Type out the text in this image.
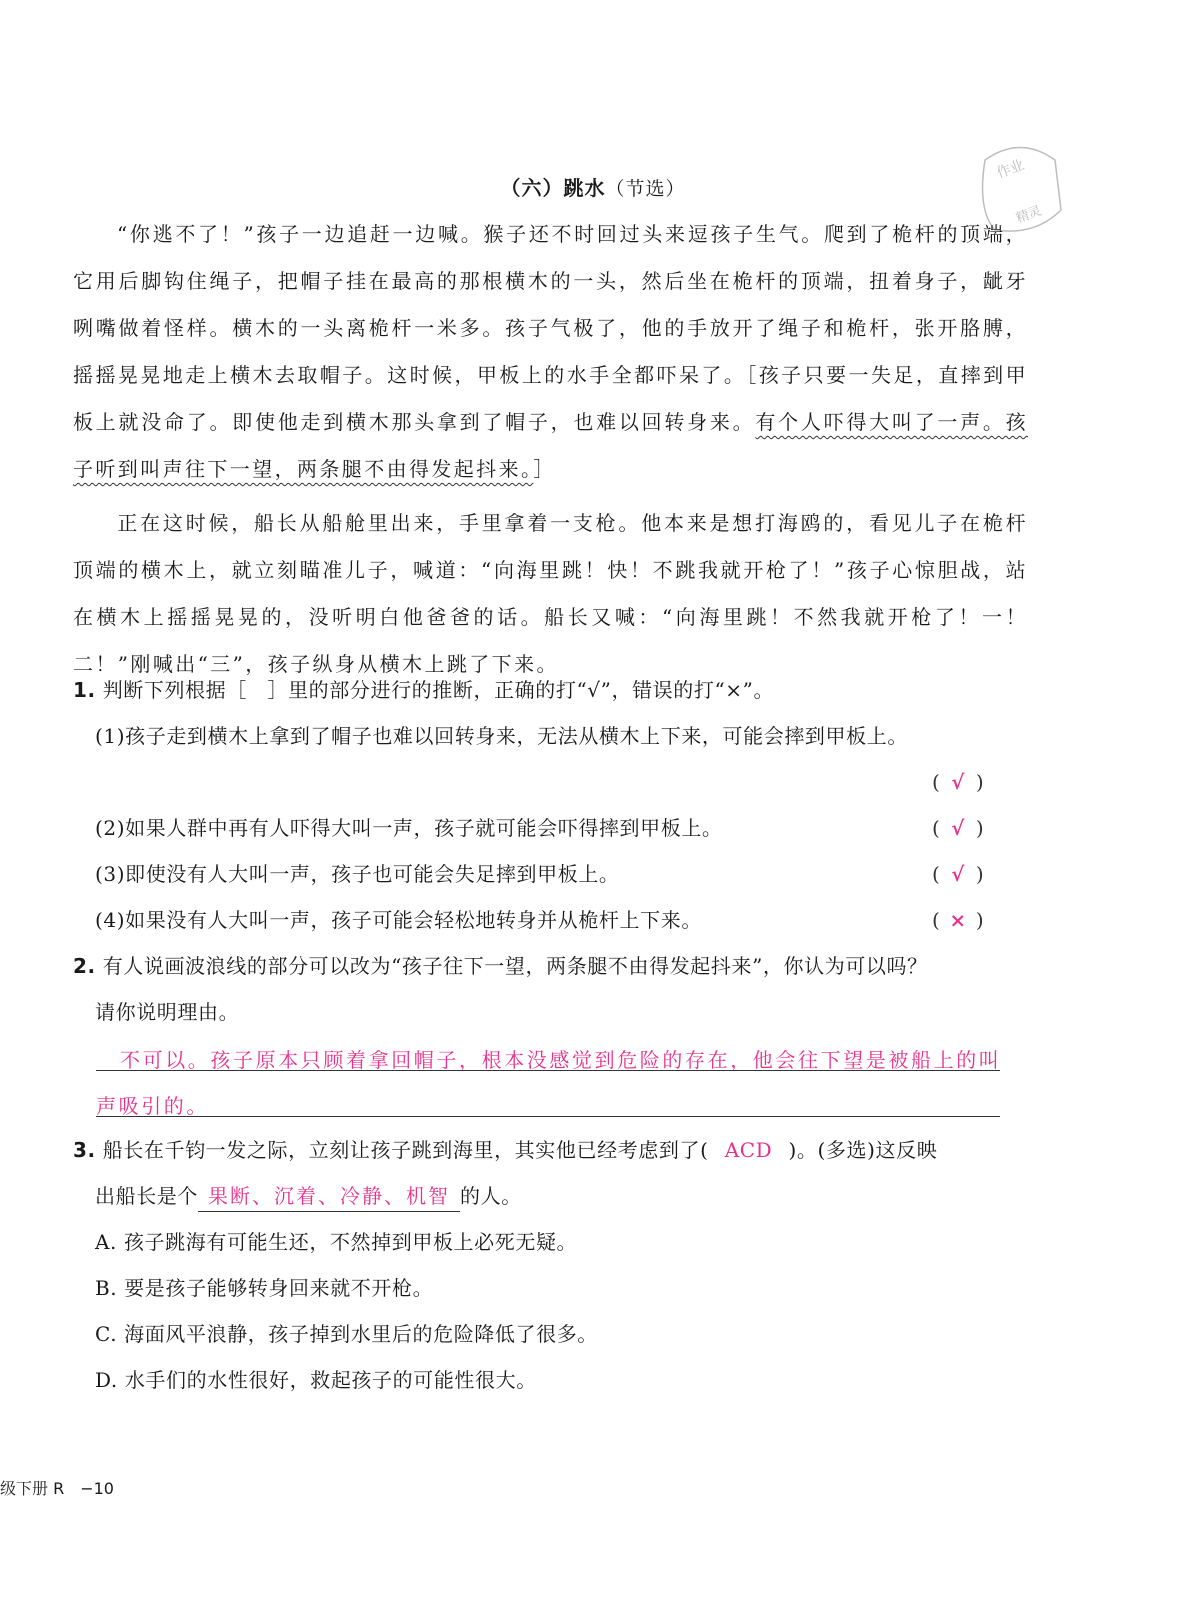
作业
精灵
（六）跳水（节选）

“你逃不了！”孩子一边追赶一边喊。猴子还不时回过头来逗孩子生气。爬到了桅杆的顶端，它用后脚钩住绳子，把帽子挂在最高的那根横木的一头，然后坐在桅杆的顶端，扭着身子，龇牙咧嘴做着怪样。横木的一头离桅杆一米多。孩子气极了，他的手放开了绳子和桅杆，张开胳膊，摇摇晃晃地走上横木去取帽子。这时候，甲板上的水手全都吓呆了。［孩子只要一失足，直摔到甲板上就没命了。即使他走到横木那头拿到了帽子，也难以回转身来。有个人吓得大叫了一声。孩子听到叫声往下一望，两条腿不由得发起抖来。］

正在这时候，船长从船舱里出来，手里拿着一支枪。他本来是想打海鸥的，看见儿子在桅杆顶端的横木上，就立刻瞄准儿子，喊道：“向海里跳！快！不跳我就开枪了！”孩子心惊胆战，站在横木上摇摇晃晃的，没听明白他爸爸的话。船长又喊：“向海里跳！不然我就开枪了！一！二！”刚喊出“三”，孩子纵身从横木上跳了下来。

1. 判断下列根据［　］里的部分进行的推断，正确的打“√”，错误的打“×”。
(1)孩子走到横木上拿到了帽子也难以回转身来，无法从横木上下来，可能会摔到甲板上。
( √ )
(2)如果人群中再有人吓得大叫一声，孩子就可能会吓得摔到甲板上。	( √ )
(3)即使没有人大叫一声，孩子也可能会失足摔到甲板上。	( √ )
(4)如果没有人大叫一声，孩子可能会轻松地转身并从桅杆上下来。	( × )
2. 有人说画波浪线的部分可以改为“孩子往下一望，两条腿不由得发起抖来”，你认为可以吗？
请你说明理由。
不可以。孩子原本只顾着拿回帽子，根本没感觉到危险的存在，他会往下望是被船上的叫
声吸引的。
3. 船长在千钧一发之际，立刻让孩子跳到海里，其实他已经考虑到了( ACD )。(多选)这反映
出船长是个 果断、沉着、冷静、机智 的人。
A. 孩子跳海有可能生还，不然掉到甲板上必死无疑。
B. 要是孩子能够转身回来就不开枪。
C. 海面风平浪静，孩子掉到水里后的危险降低了很多。
D. 水手们的水性很好，救起孩子的可能性很大。
级下册 R　−10
